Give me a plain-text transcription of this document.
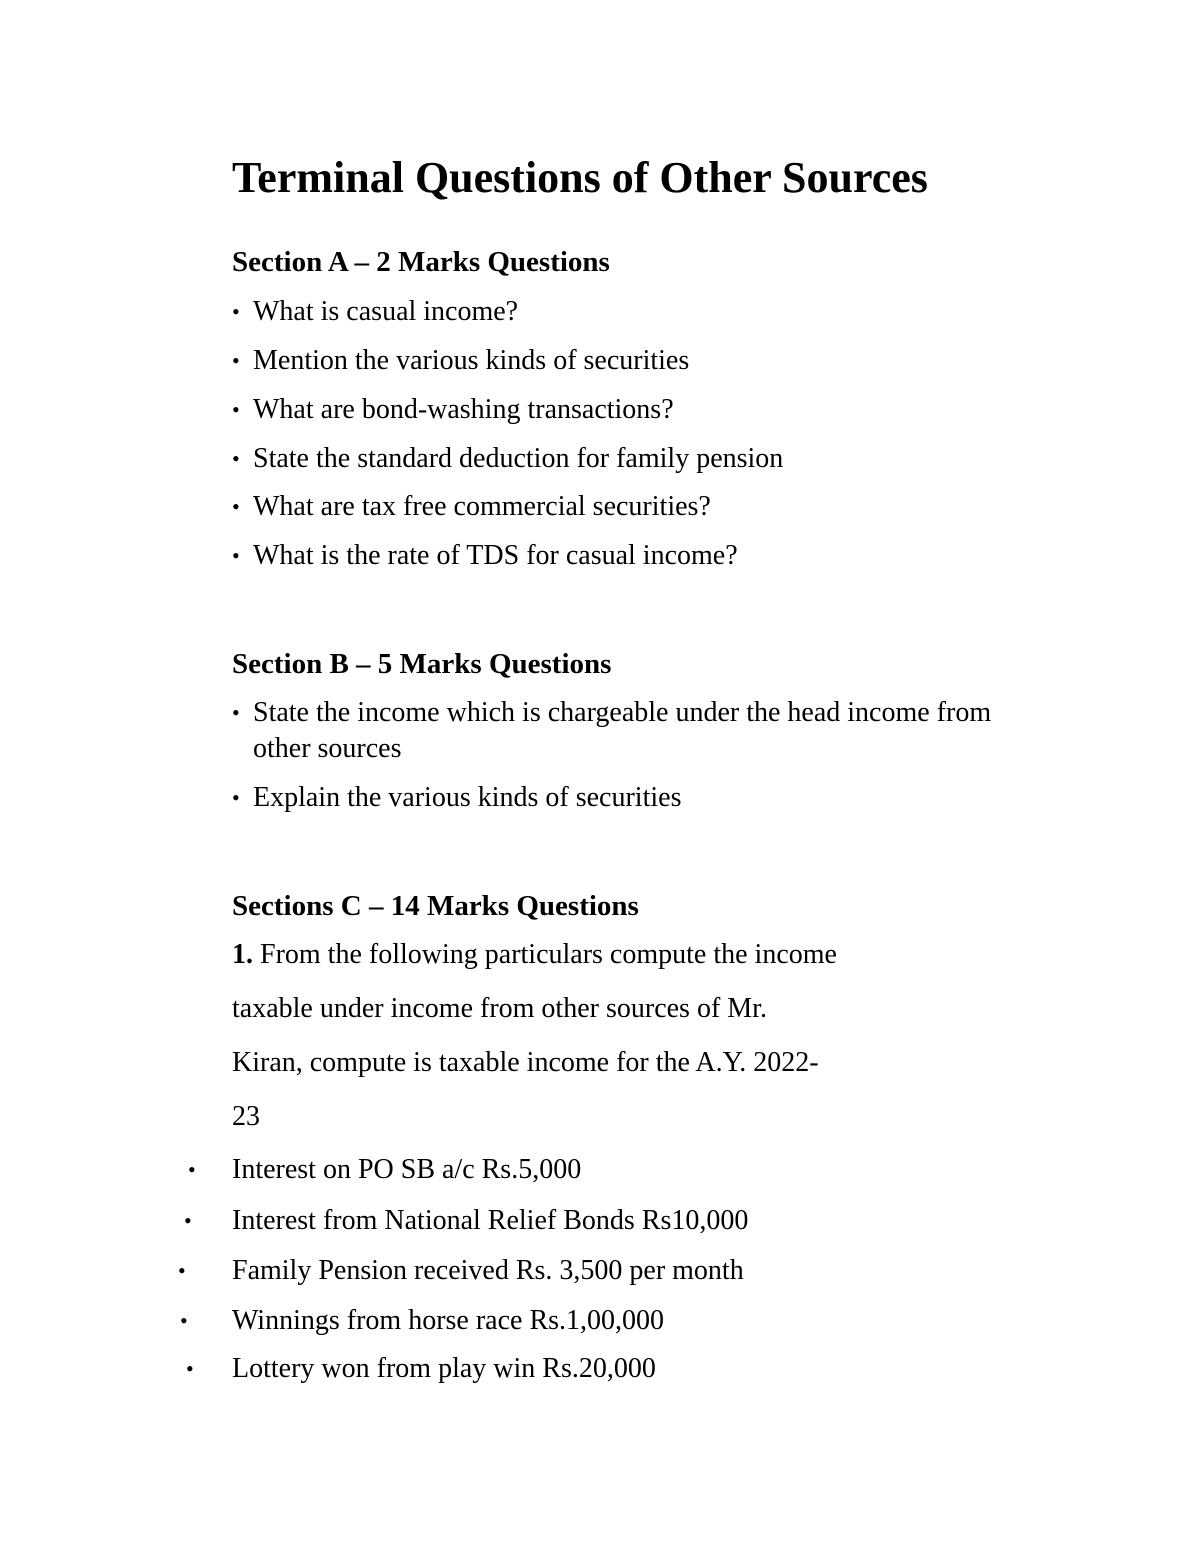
Terminal Questions of Other Sources
Section A – 2 Marks Questions
• What is casual income?
• Mention the various kinds of securities
• What are bond-washing transactions?
• State the standard deduction for family pension
• What are tax free commercial securities?
• What is the rate of TDS for casual income?
Section B – 5 Marks Questions
• State the income which is chargeable under the head income from other sources
• Explain the various kinds of securities
Sections C – 14 Marks Questions
1. From the following particulars compute the income
taxable under income from other sources of Mr.
Kiran, compute is taxable income for the A.Y. 2022-
23
• Interest on PO SB a/c Rs.5,000
• Interest from National Relief Bonds Rs10,000
• Family Pension received Rs. 3,500 per month
• Winnings from horse race Rs.1,00,000
• Lottery won from play win Rs.20,000
